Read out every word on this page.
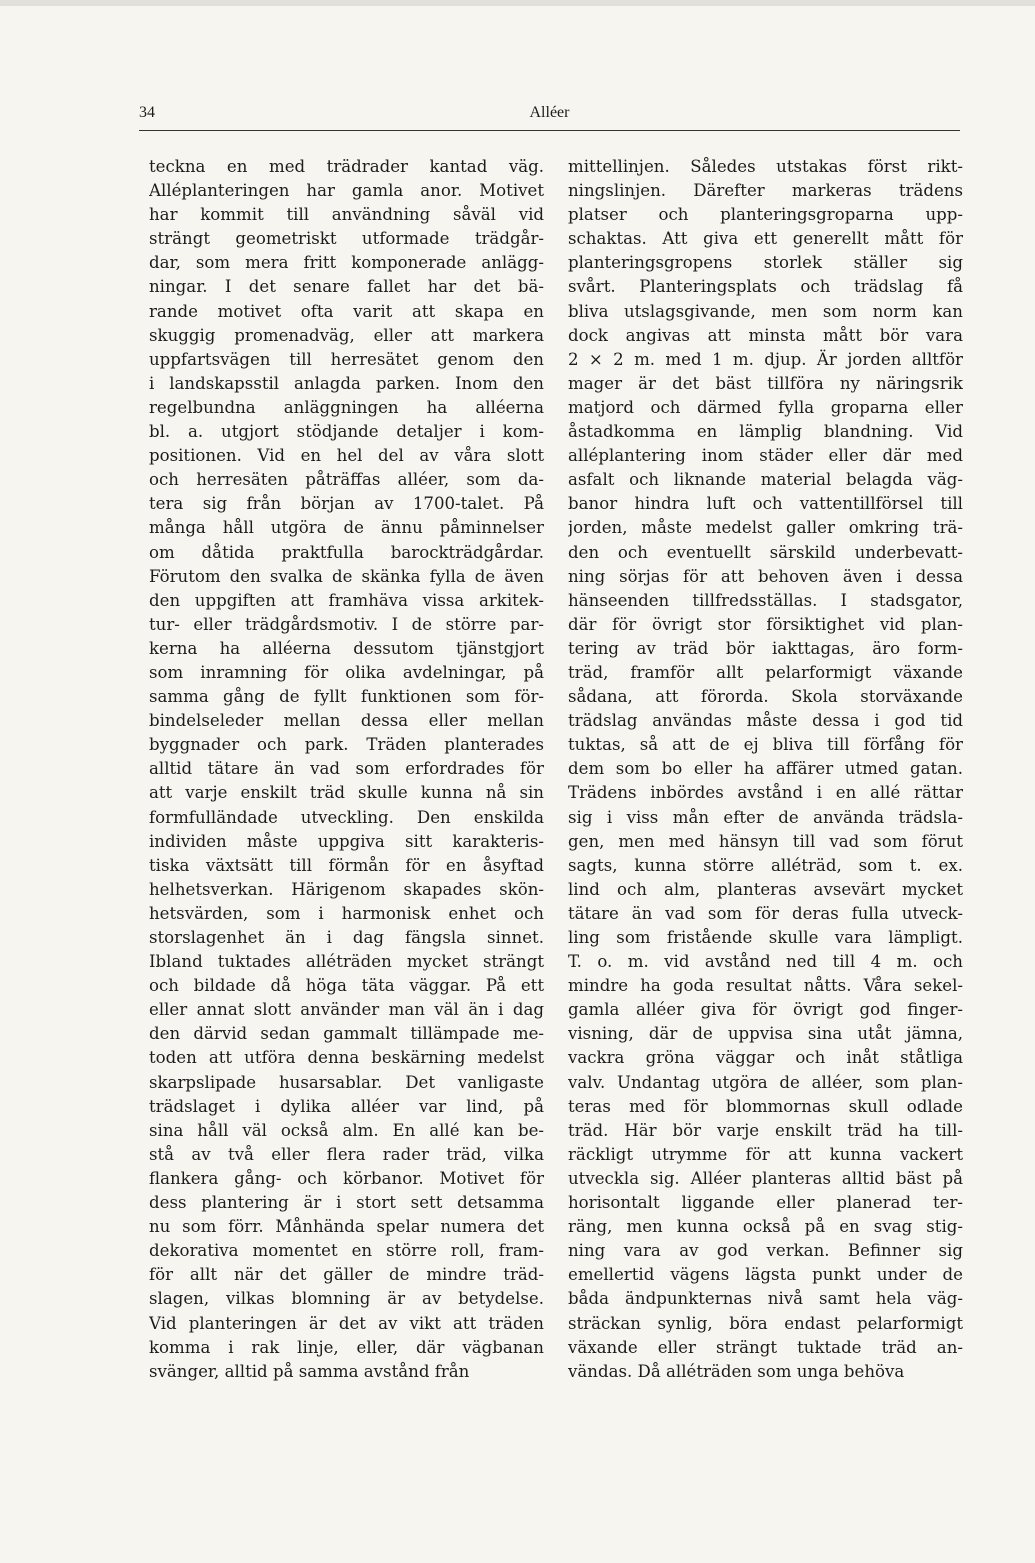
34	Alléer
teckna en med trädrader kantad väg.
Alléplanteringen har gamla anor. Motivet
har kommit till användning såväl vid
strängt geometriskt utformade trädgår-
dar, som mera fritt komponerade anlägg-
ningar. I det senare fallet har det bä-
rande motivet ofta varit att skapa en
skuggig promenadväg, eller att markera
uppfartsvägen till herresätet genom den
i landskapsstil anlagda parken. Inom den
regelbundna anläggningen ha alléerna
bl. a. utgjort stödjande detaljer i kom-
positionen. Vid en hel del av våra slott
och herresäten påträffas alléer, som da-
tera sig från början av 1700-talet. På
många håll utgöra de ännu påminnelser
om dåtida praktfulla barockträdgårdar.
Förutom den svalka de skänka fylla de även
den uppgiften att framhäva vissa arkitek-
tur- eller trädgårdsmotiv. I de större par-
kerna ha alléerna dessutom tjänstgjort
som inramning för olika avdelningar, på
samma gång de fyllt funktionen som för-
bindelseleder mellan dessa eller mellan
byggnader och park. Träden planterades
alltid tätare än vad som erfordrades för
att varje enskilt träd skulle kunna nå sin
formfulländade utveckling. Den enskilda
individen måste uppgiva sitt karakteris-
tiska växtsätt till förmån för en åsyftad
helhetsverkan. Härigenom skapades skön-
hetsvärden, som i harmonisk enhet och
storslagenhet än i dag fängsla sinnet.
Ibland tuktades alléträden mycket strängt
och bildade då höga täta väggar. På ett
eller annat slott använder man väl än i dag
den därvid sedan gammalt tillämpade me-
toden att utföra denna beskärning medelst
skarpslipade husarsablar. Det vanligaste
trädslaget i dylika alléer var lind, på
sina håll väl också alm. En allé kan be-
stå av två eller flera rader träd, vilka
flankera gång- och körbanor. Motivet för
dess plantering är i stort sett detsamma
nu som förr. Månhända spelar numera det
dekorativa momentet en större roll, fram-
för allt när det gäller de mindre träd-
slagen, vilkas blomning är av betydelse.
Vid planteringen är det av vikt att träden
komma i rak linje, eller, där vägbanan
svänger, alltid på samma avstånd från
mittellinjen. Således utstakas först rikt-
ningslinjen. Därefter markeras trädens
platser och planteringsgroparna upp-
schaktas. Att giva ett generellt mått för
planteringsgropens storlek ställer sig
svårt. Planteringsplats och trädslag få
bliva utslagsgivande, men som norm kan
dock angivas att minsta mått bör vara
2 × 2 m. med 1 m. djup. Är jorden alltför
mager är det bäst tillföra ny näringsrik
matjord och därmed fylla groparna eller
åstadkomma en lämplig blandning. Vid
alléplantering inom städer eller där med
asfalt och liknande material belagda väg-
banor hindra luft och vattentillförsel till
jorden, måste medelst galler omkring trä-
den och eventuellt särskild underbevatt-
ning sörjas för att behoven även i dessa
hänseenden tillfredsställas. I stadsgator,
där för övrigt stor försiktighet vid plan-
tering av träd bör iakttagas, äro form-
träd, framför allt pelarformigt växande
sådana, att förorda. Skola storväxande
trädslag användas måste dessa i god tid
tuktas, så att de ej bliva till förfång för
dem som bo eller ha affärer utmed gatan.
Trädens inbördes avstånd i en allé rättar
sig i viss mån efter de använda trädsla-
gen, men med hänsyn till vad som förut
sagts, kunna större alléträd, som t. ex.
lind och alm, planteras avsevärt mycket
tätare än vad som för deras fulla utveck-
ling som fristående skulle vara lämpligt.
T. o. m. vid avstånd ned till 4 m. och
mindre ha goda resultat nåtts. Våra sekel-
gamla alléer giva för övrigt god finger-
visning, där de uppvisa sina utåt jämna,
vackra gröna väggar och inåt ståtliga
valv. Undantag utgöra de alléer, som plan-
teras med för blommornas skull odlade
träd. Här bör varje enskilt träd ha till-
räckligt utrymme för att kunna vackert
utveckla sig. Alléer planteras alltid bäst på
horisontalt liggande eller planerad ter-
räng, men kunna också på en svag stig-
ning vara av god verkan. Befinner sig
emellertid vägens lägsta punkt under de
båda ändpunkternas nivå samt hela väg-
sträckan synlig, böra endast pelarformigt
växande eller strängt tuktade träd an-
vändas. Då alléträden som unga behöva
